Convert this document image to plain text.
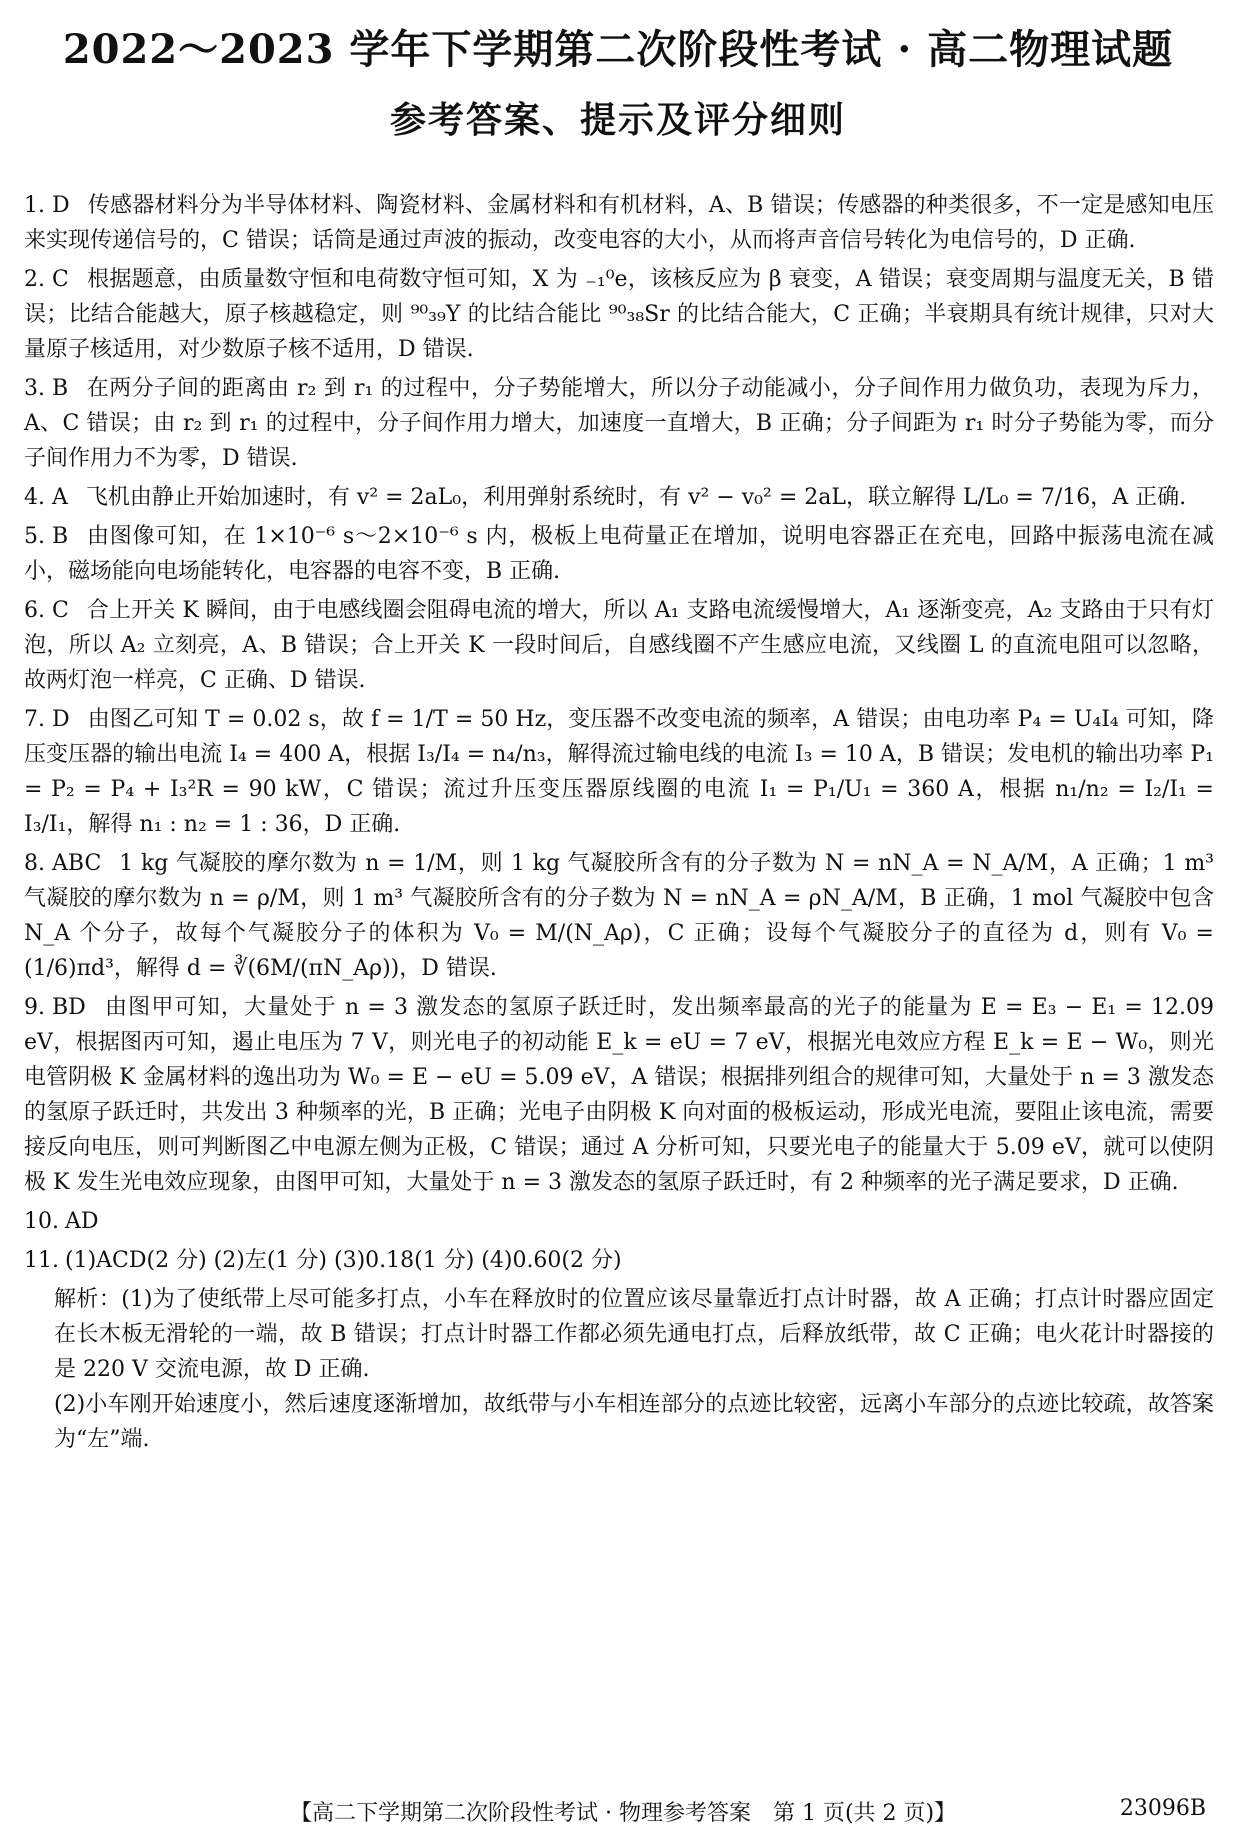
2022～2023 学年下学期第二次阶段性考试 · 高二物理试题
参考答案、提示及评分细则

1. D 传感器材料分为半导体材料、陶瓷材料、金属材料和有机材料，A、B 错误；传感器的种类很多，不一定是感知电压来实现传递信号的，C 错误；话筒是通过声波的振动，改变电容的大小，从而将声音信号转化为电信号的，D 正确.

2. C 根据题意，由质量数守恒和电荷数守恒可知，X 为 ₋₁⁰e，该核反应为 β 衰变，A 错误；衰变周期与温度无关，B 错误；比结合能越大，原子核越稳定，则 ⁹⁰₃₉Y 的比结合能比 ⁹⁰₃₈Sr 的比结合能大，C 正确；半衰期具有统计规律，只对大量原子核适用，对少数原子核不适用，D 错误.

3. B 在两分子间的距离由 r₂ 到 r₁ 的过程中，分子势能增大，所以分子动能减小，分子间作用力做负功，表现为斥力，A、C 错误；由 r₂ 到 r₁ 的过程中，分子间作用力增大，加速度一直增大，B 正确；分子间距为 r₁ 时分子势能为零，而分子间作用力不为零，D 错误.

4. A 飞机由静止开始加速时，有 v² = 2aL₀，利用弹射系统时，有 v² − v₀² = 2aL，联立解得 L/L₀ = 7/16，A 正确.

5. B 由图像可知，在 1×10⁻⁶ s～2×10⁻⁶ s 内，极板上电荷量正在增加，说明电容器正在充电，回路中振荡电流在减小，磁场能向电场能转化，电容器的电容不变，B 正确.

6. C 合上开关 K 瞬间，由于电感线圈会阻碍电流的增大，所以 A₁ 支路电流缓慢增大，A₁ 逐渐变亮，A₂ 支路由于只有灯泡，所以 A₂ 立刻亮，A、B 错误；合上开关 K 一段时间后，自感线圈不产生感应电流，又线圈 L 的直流电阻可以忽略，故两灯泡一样亮，C 正确、D 错误.

7. D 由图乙可知 T = 0.02 s，故 f = 1/T = 50 Hz，变压器不改变电流的频率，A 错误；由电功率 P₄ = U₄I₄ 可知，降压变压器的输出电流 I₄ = 400 A，根据 I₃/I₄ = n₄/n₃，解得流过输电线的电流 I₃ = 10 A，B 错误；发电机的输出功率 P₁ = P₂ = P₄ + I₃²R = 90 kW，C 错误；流过升压变压器原线圈的电流 I₁ = P₁/U₁ = 360 A，根据 n₁/n₂ = I₂/I₁ = I₃/I₁，解得 n₁ : n₂ = 1 : 36，D 正确.

8. ABC 1 kg 气凝胶的摩尔数为 n = 1/M，则 1 kg 气凝胶所含有的分子数为 N = nN_A = N_A/M，A 正确；1 m³ 气凝胶的摩尔数为 n = ρ/M，则 1 m³ 气凝胶所含有的分子数为 N = nN_A = ρN_A/M，B 正确，1 mol 气凝胶中包含 N_A 个分子，故每个气凝胶分子的体积为 V₀ = M/(N_Aρ)，C 正确；设每个气凝胶分子的直径为 d，则有 V₀ = (1/6)πd³，解得 d = ∛(6M/(πN_Aρ))，D 错误.

9. BD 由图甲可知，大量处于 n = 3 激发态的氢原子跃迁时，发出频率最高的光子的能量为 E = E₃ − E₁ = 12.09 eV，根据图丙可知，遏止电压为 7 V，则光电子的初动能 E_k = eU = 7 eV，根据光电效应方程 E_k = E − W₀，则光电管阴极 K 金属材料的逸出功为 W₀ = E − eU = 5.09 eV，A 错误；根据排列组合的规律可知，大量处于 n = 3 激发态的氢原子跃迁时，共发出 3 种频率的光，B 正确；光电子由阴极 K 向对面的极板运动，形成光电流，要阻止该电流，需要接反向电压，则可判断图乙中电源左侧为正极，C 错误；通过 A 分析可知，只要光电子的能量大于 5.09 eV，就可以使阴极 K 发生光电效应现象，由图甲可知，大量处于 n = 3 激发态的氢原子跃迁时，有 2 种频率的光子满足要求，D 正确.

10. AD

11. (1)ACD(2 分) (2)左(1 分) (3)0.18(1 分) (4)0.60(2 分)

解析：(1)为了使纸带上尽可能多打点，小车在释放时的位置应该尽量靠近打点计时器，故 A 正确；打点计时器应固定在长木板无滑轮的一端，故 B 错误；打点计时器工作都必须先通电打点，后释放纸带，故 C 正确；电火花计时器接的是 220 V 交流电源，故 D 正确.

(2)小车刚开始速度小，然后速度逐渐增加，故纸带与小车相连部分的点迹比较密，远离小车部分的点迹比较疏，故答案为“左”端.

【高二下学期第二次阶段性考试 · 物理参考答案　第 1 页(共 2 页)】	23096B
